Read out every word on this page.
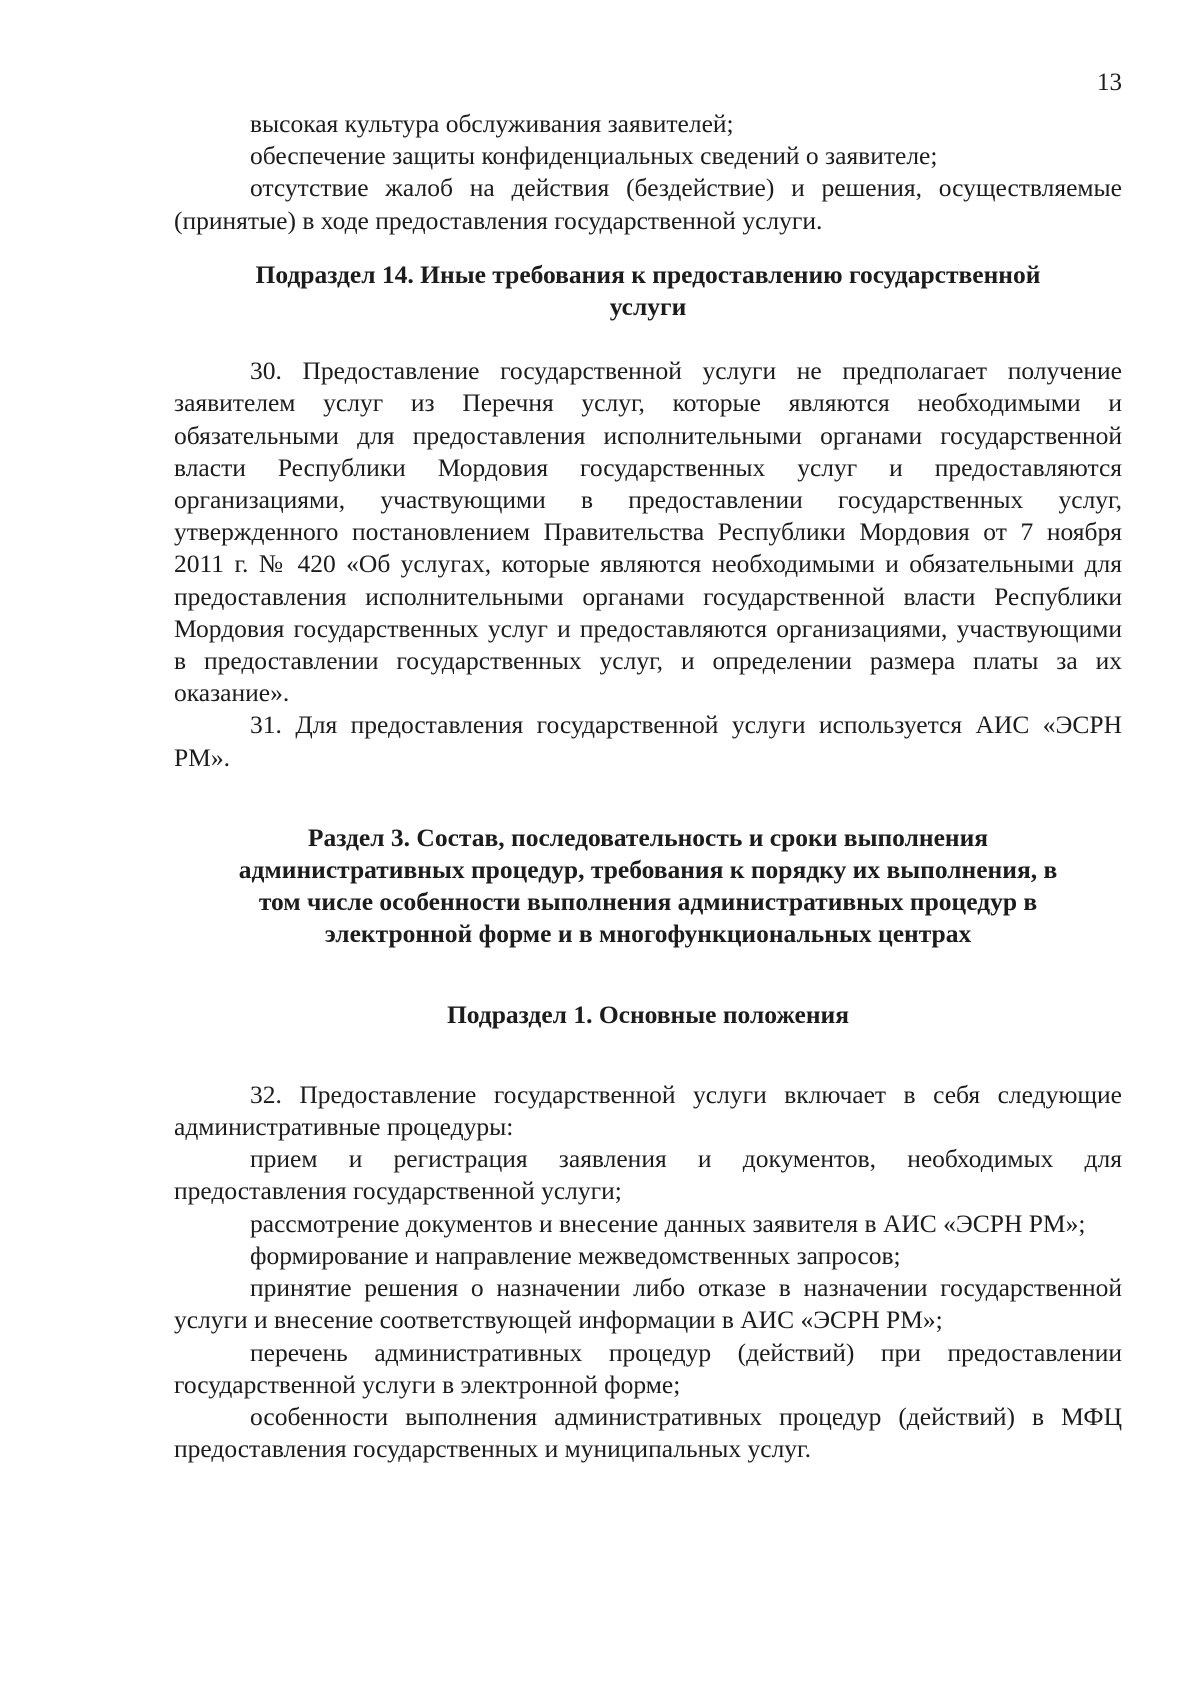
13

высокая культура обслуживания заявителей;

обеспечение защиты конфиденциальных сведений о заявителе;

отсутствие жалоб на действия (бездействие) и решения, осуществляемые (принятые) в ходе предоставления государственной услуги.

Подраздел 14. Иные требования к предоставлению государственной
услуги

30. Предоставление государственной услуги не предполагает получение заявителем услуг из Перечня услуг, которые являются необходимыми и обязательными для предоставления исполнительными органами государственной власти Республики Мордовия государственных услуг и предоставляются организациями, участвующими в предоставлении государственных услуг, утвержденного постановлением Правительства Республики Мордовия от 7 ноября 2011 г. № 420 «Об услугах, которые являются необходимыми и обязательными для предоставления исполнительными органами государственной власти Республики Мордовия государственных услуг и предоставляются организациями, участвующими в предоставлении государственных услуг, и определении размера платы за их оказание».

31. Для предоставления государственной услуги используется АИС «ЭСРН РМ».

Раздел 3. Состав, последовательность и сроки выполнения
административных процедур, требования к порядку их выполнения, в
том числе особенности выполнения административных процедур в
электронной форме и в многофункциональных центрах
Подраздел 1. Основные положения

32. Предоставление государственной услуги включает в себя следующие административные процедуры:

прием и регистрация заявления и документов, необходимых для предоставления государственной услуги;

рассмотрение документов и внесение данных заявителя в АИС «ЭСРН РМ»;

формирование и направление межведомственных запросов;

принятие решения о назначении либо отказе в назначении государственной услуги и внесение соответствующей информации в АИС «ЭСРН РМ»;

перечень административных процедур (действий) при предоставлении государственной услуги в электронной форме;

особенности выполнения административных процедур (действий) в МФЦ предоставления государственных и муниципальных услуг.
